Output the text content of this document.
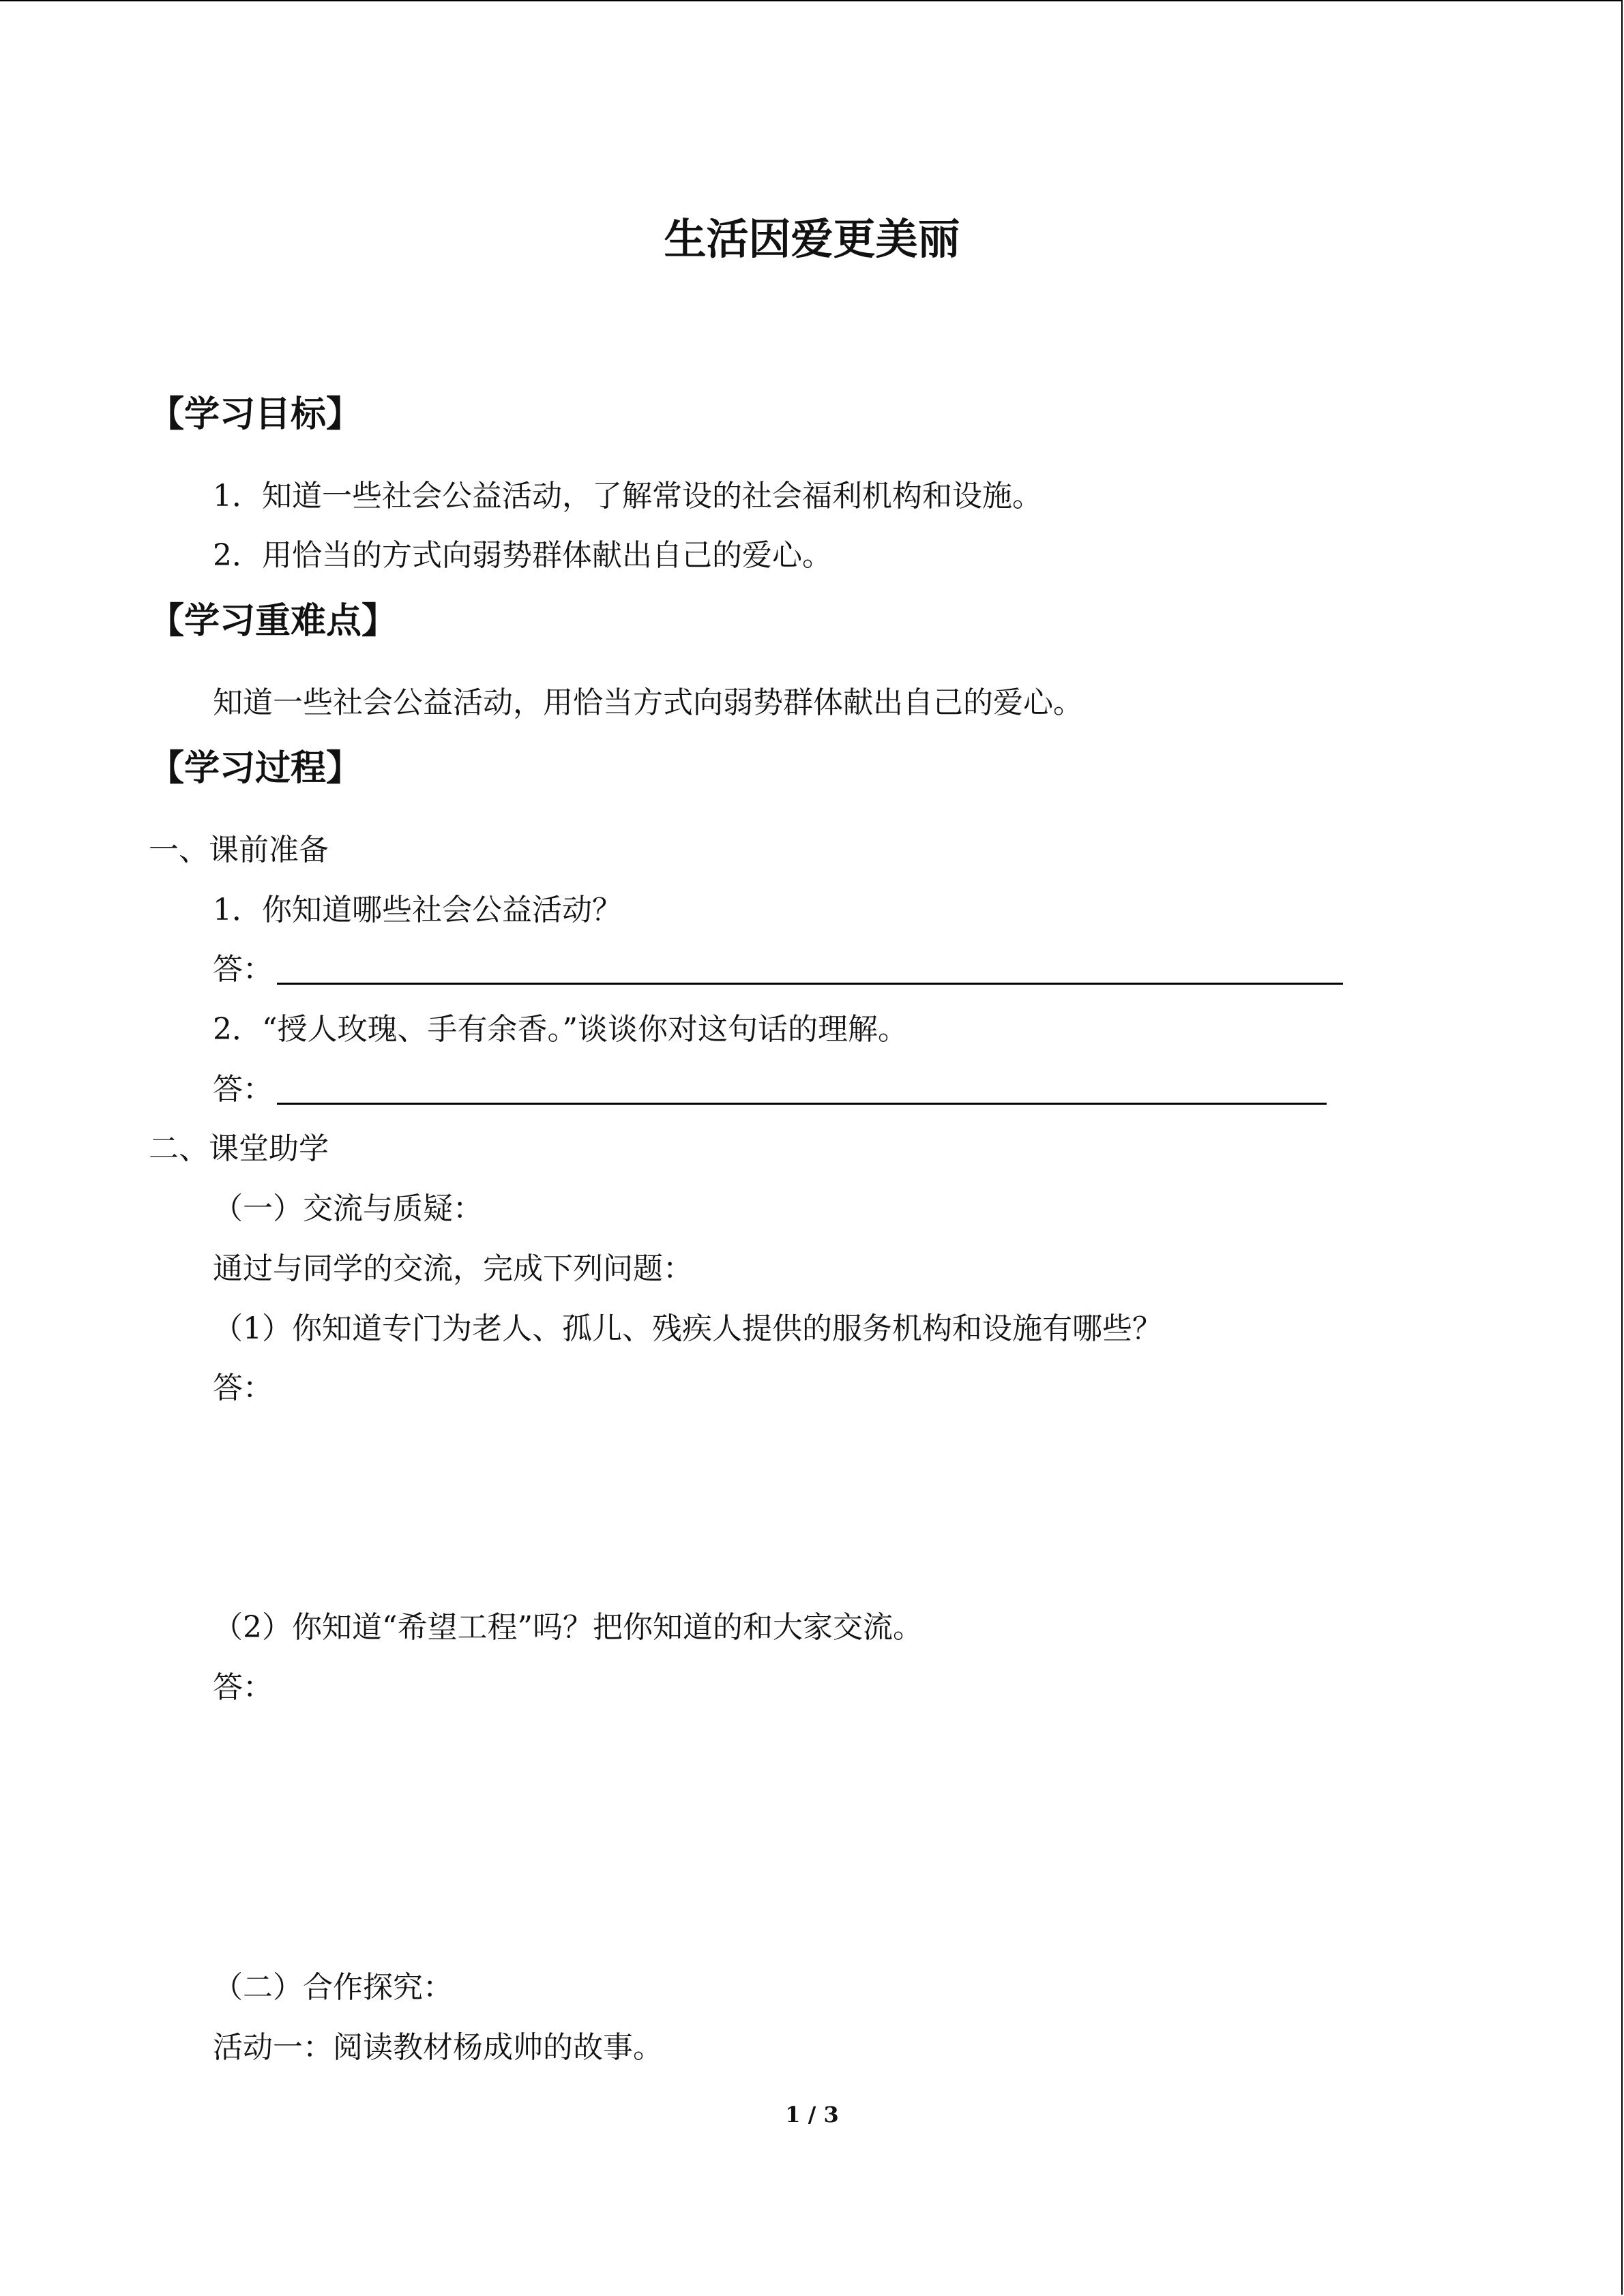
生活因爱更美丽
【学习目标】
1．知道一些社会公益活动，了解常设的社会福利机构和设施。
2．用恰当的方式向弱势群体献出自己的爱心。
【学习重难点】
知道一些社会公益活动，用恰当方式向弱势群体献出自己的爱心。
【学习过程】
一、课前准备
1．你知道哪些社会公益活动？
答：
2．“授人玫瑰、手有余香。”谈谈你对这句话的理解。
答：
二、课堂助学
（一）交流与质疑：
通过与同学的交流，完成下列问题：
（1）你知道专门为老人、孤儿、残疾人提供的服务机构和设施有哪些？
答：
（2）你知道“希望工程”吗？把你知道的和大家交流。
答：
（二）合作探究：
活动一：阅读教材杨成帅的故事。
1 / 3
